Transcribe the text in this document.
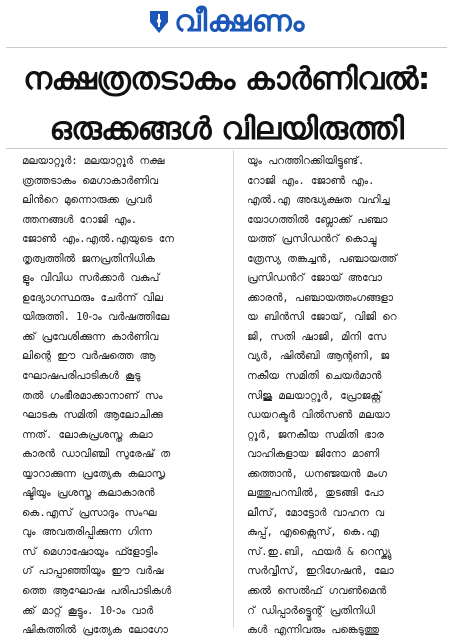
വീക്ഷണം
നക്ഷത്രതടാകം കാർണിവൽ:
ഒരുക്കങ്ങൾ വിലയിരുത്തി

മലയാറ്റൂർ: മലയാറ്റൂർ നക്ഷ

ത്രത്തടാകം മെഗാകാർണിവ

ലിൻറെ മുന്നൊരുക്ക പ്രവർ

ത്തനങ്ങൾ റോജി എം.

ജോൺ എം.എൽ.എയുടെ നേ

തൃത്വത്തിൽ ജനപ്രതിനിധിക

ളും വിവിധ സർക്കാർ വകുപ്

ഉദ്യോഗസ്ഥരും ചേർന്ന് വില

യിരുത്തി. 10-ാം വർഷത്തിലേ

ക്ക് പ്രവേശിക്കുന്ന കാർണിവ

ലിന്റെ ഈ വർഷത്തെ ആ

ഘോഷപരിപാടികൾ കൂടു

തൽ ഗംഭീരമാക്കാനാണ് സം

ഘാടക സമിതി ആലോചിക്കു

ന്നത്. ലോകപ്രശസ്ത കലാ

കാരൻ ഡാവിഞ്ചി സുരേഷ് ത

യ്യാറാക്കുന്ന പ്രത്യേക കലാസൃ

ഷ്ടിയും പ്രശസ്ത കലാകാരൻ

കെ.എസ് പ്രസാദും സംഘ

വും അവതരിപ്പിക്കുന്ന ഗിന്ന

സ് മെഗാഷോയും ഫ്ളോട്ടിം

ഗ് പാപ്പാഞ്ഞിയും ഈ വർഷ

ത്തെ ആഘോഷ പരിപാടികൾ

ക്ക് മാറ്റ് കൂട്ടും. 10-ാം വാർ

ഷികത്തിൽ പ്രത്യേക ലോഗോ

യും പറത്തിറക്കിയിട്ടുണ്ട്.

റോജി എം. ജോൺ എം.

എൽ.എ അദ്ധ്യക്ഷത വഹിച്ച

യോഗത്തിൽ ബ്ലോക്ക് പഞ്ചാ

യത്ത് പ്രസിഡൻറ് കൊച്ചു

ത്രേസ്യ തങ്കച്ചൻ, പഞ്ചായത്ത്

പ്രസിഡൻറ് ജോയ് അവോ

ക്കാരൻ, പഞ്ചായത്തംഗങ്ങളാ

യ ബിൻസി ജോയ്, വിജി റെ

ജി, സതി ഷാജി, മിനി സേ

വ്യർ, ഷിൽബി ആന്റണി, ജ

നകീയ സമിതി ചെയർമാൻ

സിജു മലയാറ്റൂർ, പ്രോജക്റ്റ്

ഡയറക്ടർ വിൽസൺ മലയാ

റ്റൂർ, ജനകീയ സമിതി ഭാര

വാഹികളായ ജിനോ മാണി

ക്കത്താൻ, ധനഞ്ജയൻ മംഗ

ലത്തുപറമ്പിൽ, തുടങ്ങി പോ

ലീസ്, മോട്ടോർ വാഹന വ

കുപ്പ്, എക്സൈസ്, കെ.എ

സ്.ഇ.ബി, ഫയർ & റെസ്ക്യു

സർവ്വീസ്, ഇറിഗേഷൻ, ലോ

ക്കൽ സെൽഫ് ഗവൺമെൻ

റ് ഡിപ്പാർട്ട്മെന്റ് പ്രതിനിധി

കൾ എന്നിവരും പങ്കെടുത്തു
